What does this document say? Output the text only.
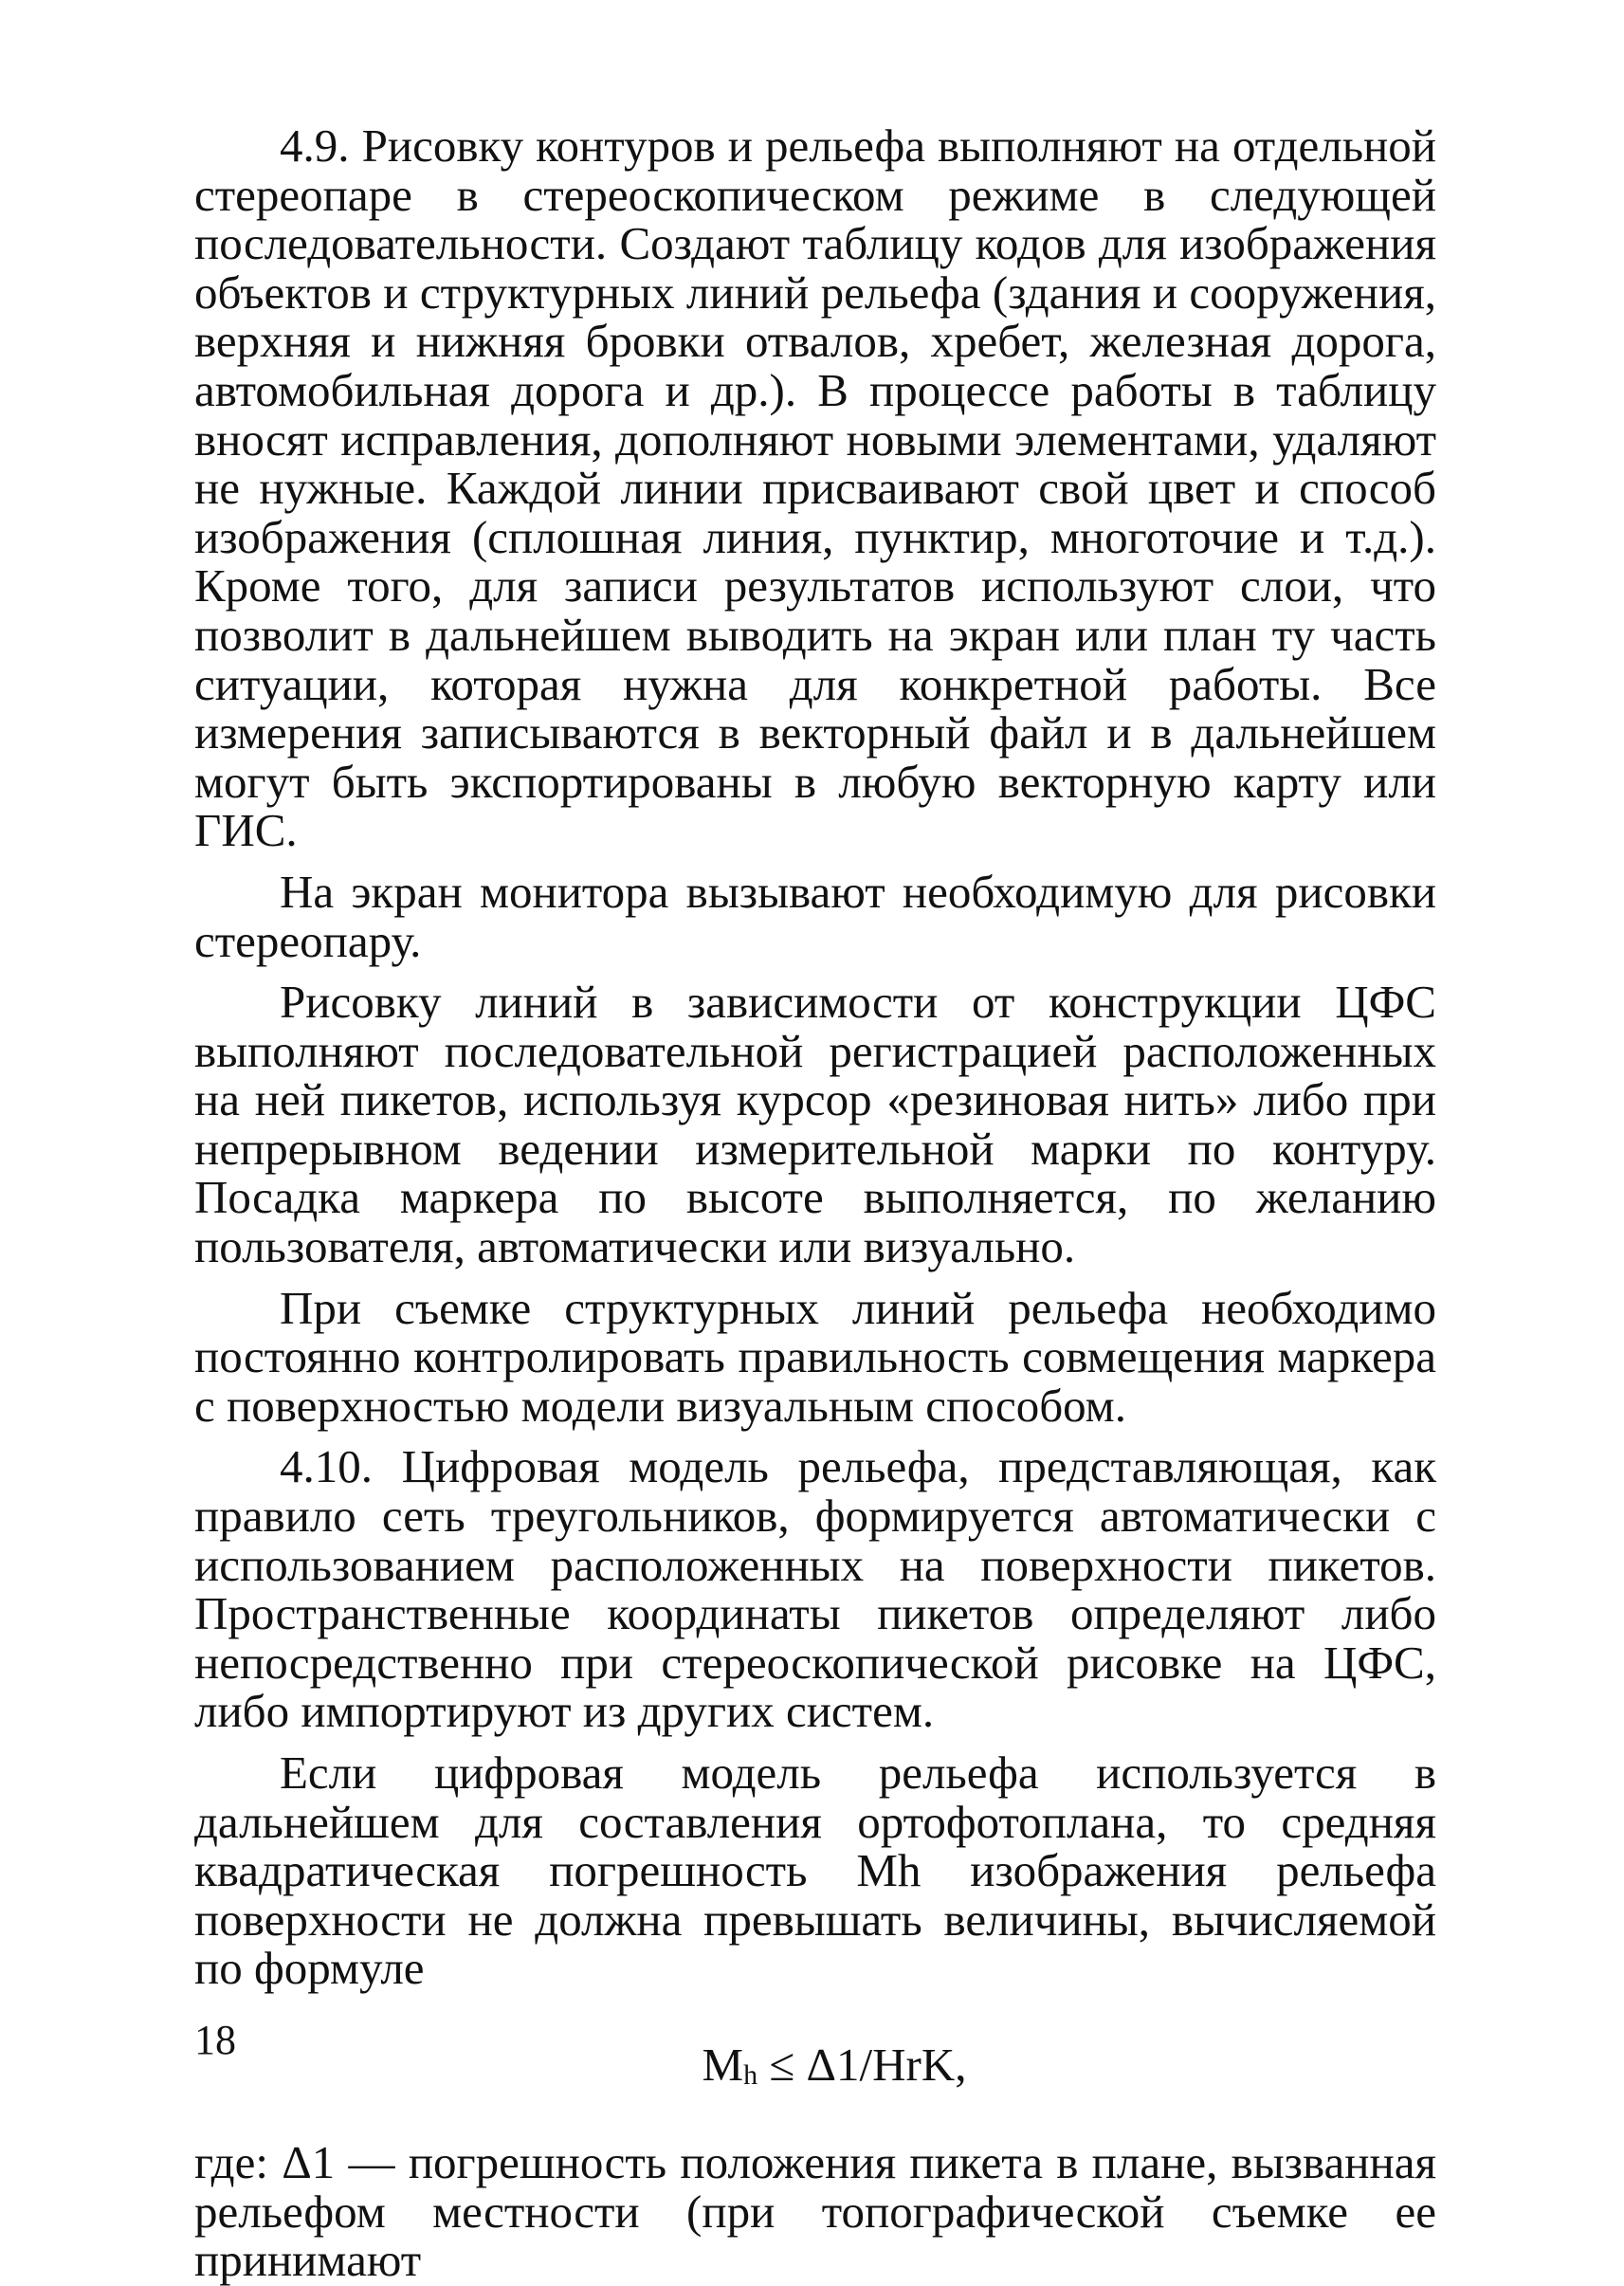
4.9. Рисовку контуров и рельефа выполняют на отдельной стереопаре в стереоскопическом режиме в следующей последовательности. Создают таблицу кодов для изображения объектов и структурных линий рельефа (здания и сооружения, верхняя и нижняя бровки отвалов, хребет, железная дорога, автомобильная дорога и др.). В процессе работы в таблицу вносят исправления, дополняют новыми элементами, удаляют не нужные. Каждой линии присваивают свой цвет и способ изображения (сплошная линия, пунктир, многоточие и т.д.). Кроме того, для записи результатов используют слои, что позволит в дальнейшем выводить на экран или план ту часть ситуации, которая нужна для конкретной работы. Все измерения записываются в векторный файл и в дальнейшем могут быть экспортированы в любую векторную карту или ГИС.

На экран монитора вызывают необходимую для рисовки стереопару.

Рисовку линий в зависимости от конструкции ЦФС выполняют последовательной регистрацией расположенных на ней пикетов, используя курсор «резиновая нить» либо при непрерывном ведении измерительной марки по контуру. Посадка маркера по высоте выполняется, по желанию пользователя, автоматически или визуально.

При съемке структурных линий рельефа необходимо постоянно контролировать правильность совмещения маркера с поверхностью модели визуальным способом.

4.10. Цифровая модель рельефа, представляющая, как правило сеть треугольников, формируется автоматически с использованием расположенных на поверхности пикетов. Пространственные координаты пикетов определяют либо непосредственно при стереоскопической рисовке на ЦФС, либо импортируют из других систем.

Если цифровая модель рельефа используется в дальнейшем для составления ортофотоплана, то средняя квадратическая погрешность Mh изображения рельефа поверхности не должна превышать величины, вычисляемой по формуле

$M_h \le \Delta 1/HrK$,

где: Δ1 — погрешность положения пикета в плане, вызванная рельефом местности (при топографической съемке ее принимают

18
